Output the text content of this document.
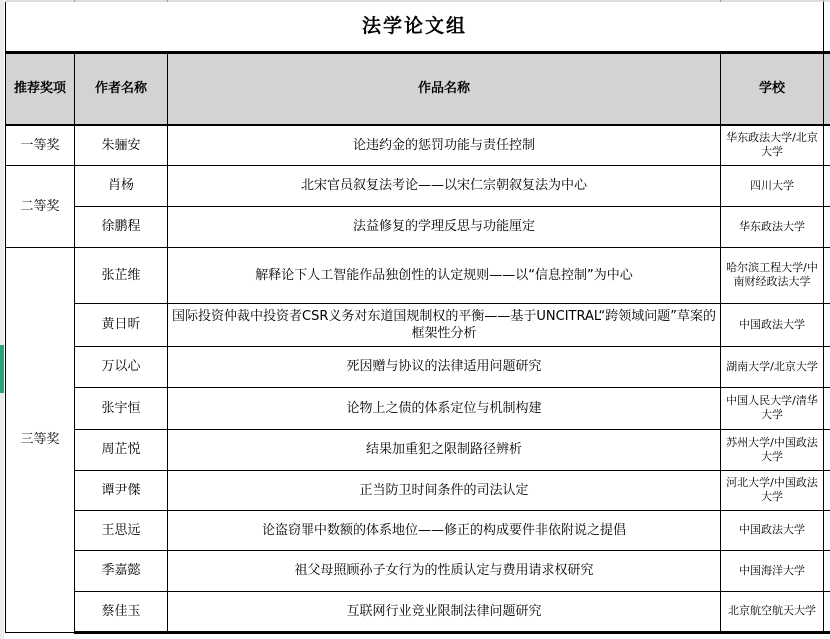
法学论文组				
推荐奖项	作者名称	作品名称	学校	
一等奖	朱骊安	论违约金的惩罚功能与责任控制	华东政法大学/北京大学	
二等奖	肖杨	北宋官员叙复法考论——以宋仁宗朝叙复法为中心	四川大学	
	徐鹏程	法益修复的学理反思与功能厘定	华东政法大学	
三等奖	张芷维	解释论下人工智能作品独创性的认定规则——以“信息控制”为中心	哈尔滨工程大学/中南财经政法大学	
	黄日昕	国际投资仲裁中投资者CSR义务对东道国规制权的平衡——基于UNCITRAL“跨领域问题”草案的框架性分析	中国政法大学	
	万以心	死因赠与协议的法律适用问题研究	湖南大学/北京大学	
	张宇恒	论物上之债的体系定位与机制构建	中国人民大学/清华大学	
	周芷悦	结果加重犯之限制路径辨析	苏州大学/中国政法大学	
	谭尹傑	正当防卫时间条件的司法认定	河北大学/中国政法大学	
	王思远	论盗窃罪中数额的体系地位——修正的构成要件非依附说之提倡	中国政法大学	
	季嘉懿	祖父母照顾孙子女行为的性质认定与费用请求权研究	中国海洋大学	
	蔡佳玉	互联网行业竞业限制法律问题研究	北京航空航天大学	
